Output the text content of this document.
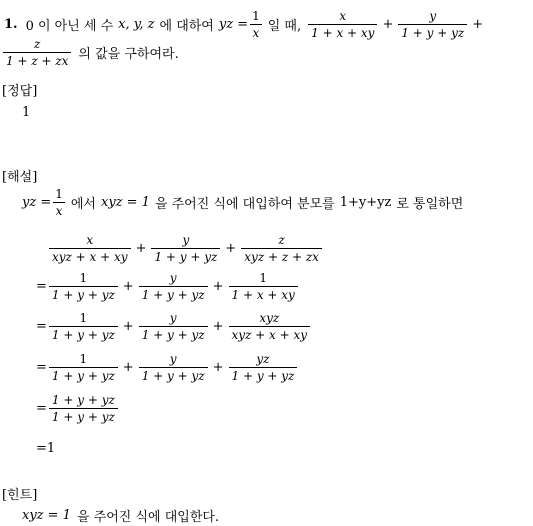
1. 0 이 아닌 세 수 x, y, z 에 대하여 yz = $\frac{1}{x}$ 일 때,
x
1 + x + xy
+ $\frac{y}{1 + y + yz}$ +
z
1 + z + zx 의 값을 구하여라.
[정답]
1
[해설]
yz = $\frac{1}{x}$ 에서 xyz = 1 을 주어진 식에 대입하여 분모를 1+y+yz 로 통일하면
x
xyz + x + xy
+ $\frac{y}{1 + y + yz}$ +
z
xyz + z + zx
= $\frac{1}{1 + y + yz} + \frac{y}{1 + y + yz} + \frac{1}{1 + x + xy}$
= $\frac{1}{1 + y + yz} + \frac{y}{1 + y + yz}$ +
xyz
xyz + x + xy
= $\frac{1}{1 + y + yz} + \frac{y}{1 + y + yz} + \frac{yz}{1 + y + yz}$
= $\frac{1 + y + yz}{1 + y + yz}$
=1
[힌트]
xyz = 1 을 주어진 식에 대입한다.
